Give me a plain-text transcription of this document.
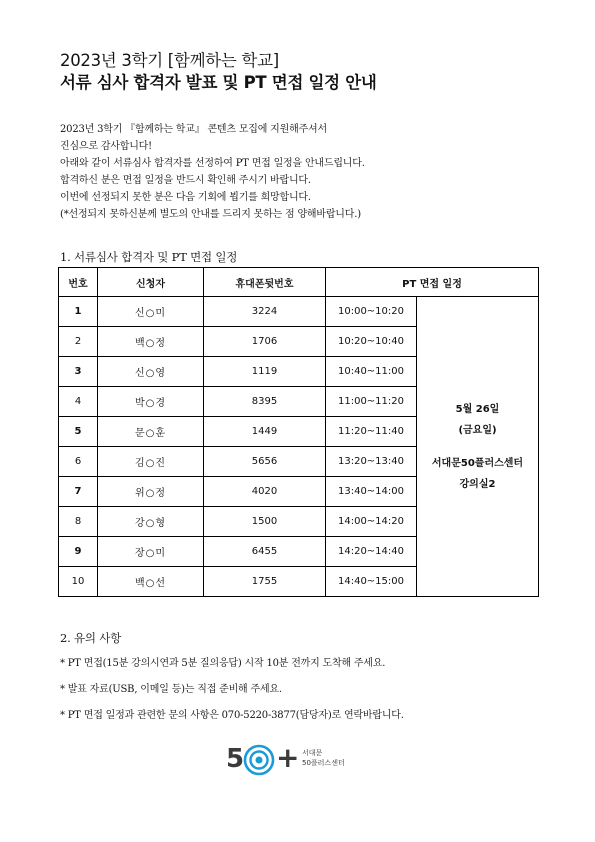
2023년 3학기 [함께하는 학교]
서류 심사 합격자 발표 및 PT 면접 일정 안내
2023년 3학기 『함께하는 학교』 콘텐츠 모집에 지원해주셔서
진심으로 감사합니다!
아래와 같이 서류심사 합격자를 선정하여 PT 면접 일정을 안내드립니다.
합격하신 분은 면접 일정을 반드시 확인해 주시기 바랍니다.
이번에 선정되지 못한 분은 다음 기회에 뵙기를 희망합니다.
(*선정되지 못하신분께 별도의 안내를 드리지 못하는 점 양해바랍니다.)
1. 서류심사 합격자 및 PT 면접 일정
번호	신청자	휴대폰뒷번호	PT 면접 일정	
1	신○미	3224	10:00~10:20	5월 26일
(금요일)
서대문50플러스센터
강의실2

2	백○정	1706	10:20~10:40	
3	신○영	1119	10:40~11:00	
4	박○경	8395	11:00~11:20	
5	문○훈	1449	11:20~11:40	
6	김○진	5656	13:20~13:40	
7	위○정	4020	13:40~14:00	
8	강○형	1500	14:00~14:20	
9	장○미	6455	14:20~14:40	
10	백○선	1755	14:40~15:00	
2. 유의 사항
* PT 면접(15분 강의시연과 5분 질의응답) 시작 10분 전까지 도착해 주세요.
* 발표 자료(USB, 이메일 등)는 직접 준비해 주세요.
* PT 면접 일정과 관련한 문의 사항은 070-5220-3877(담당자)로 연락바랍니다.
5 + 서대문
50플러스센터
